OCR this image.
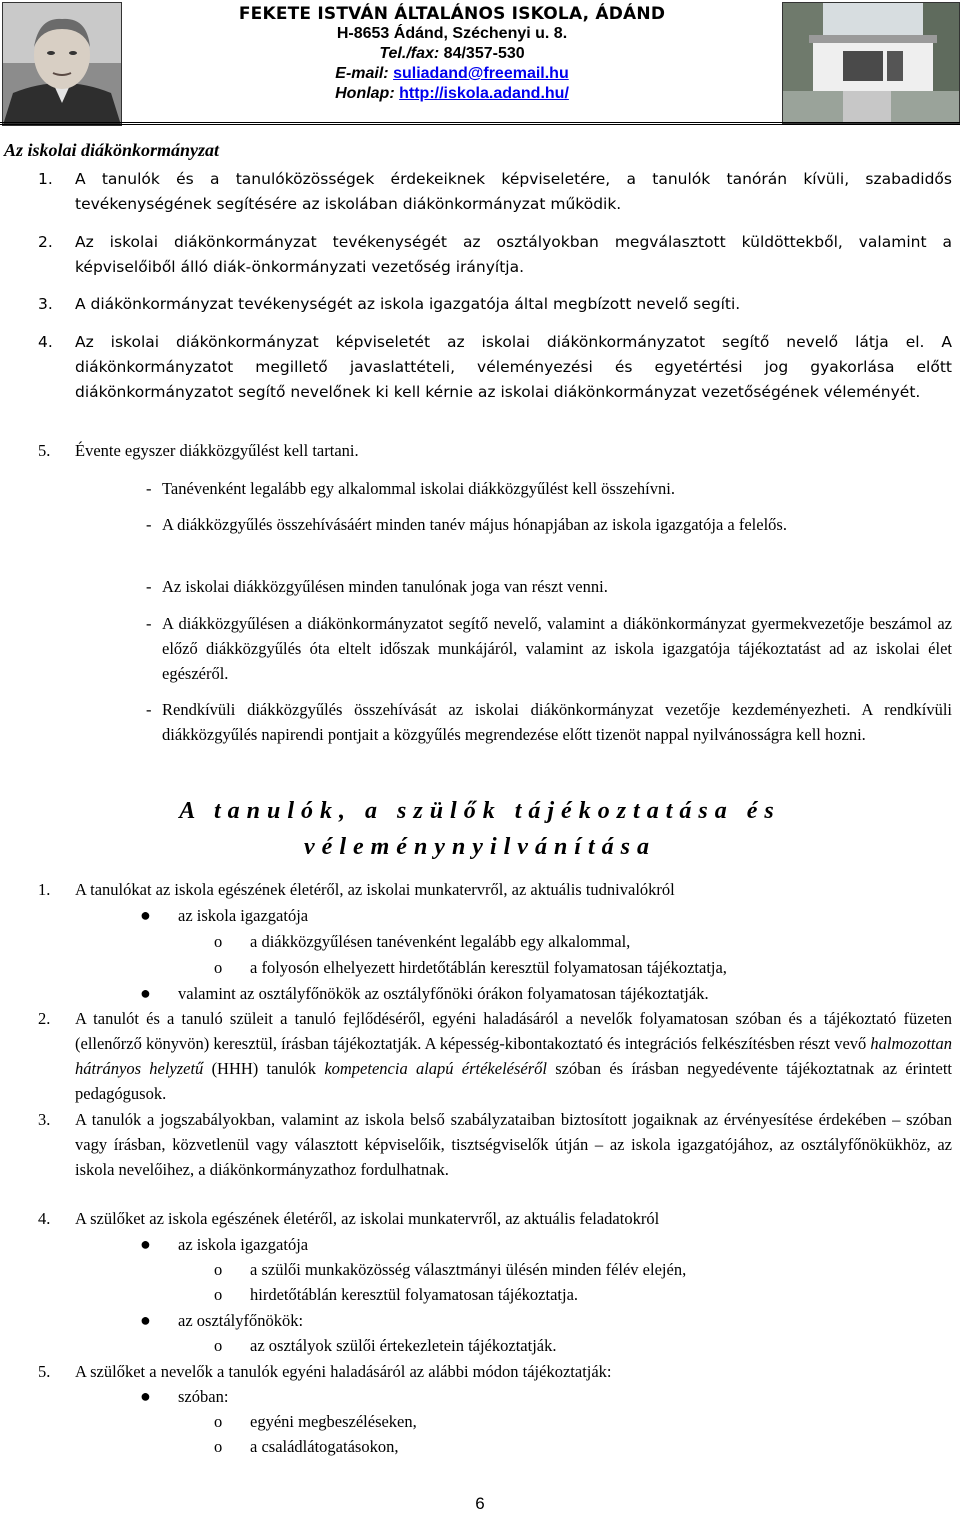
FEKETE ISTVÁN ÁLTALÁNOS ISKOLA, ÁDÁND
H-8653 Ádánd, Széchenyi u. 8.
Tel./fax: 84/357-530
E-mail: suliadand@freemail.hu
Honlap: http://iskola.adand.hu/
Az iskolai diákönkormányzat
1. A tanulók és a tanulóközösségek érdekeiknek képviseletére, a tanulók tanórán kívüli, szabadidős tevékenységének segítésére az iskolában diákönkormányzat működik.
2. Az iskolai diákönkormányzat tevékenységét az osztályokban megválasztott küldöttekből, valamint a képviselőiből álló diák-önkormányzati vezetőség irányítja.
3. A diákönkormányzat tevékenységét az iskola igazgatója által megbízott nevelő segíti.
4. Az iskolai diákönkormányzat képviseletét az iskolai diákönkormányzatot segítő nevelő látja el. A diákönkormányzatot megillető javaslattételi, véleményezési és egyetértési jog gyakorlása előtt diákönkormányzatot segítő nevelőnek ki kell kérnie az iskolai diákönkormányzat vezetőségének véleményét.
5. Évente egyszer diákközgyűlést kell tartani.
- Tanévenként legalább egy alkalommal iskolai diákközgyűlést kell összehívni.
- A diákközgyűlés összehívásáért minden tanév május hónapjában az iskola igazgatója a felelős.
- Az iskolai diákközgyűlésen minden tanulónak joga van részt venni.
- A diákközgyűlésen a diákönkormányzatot segítő nevelő, valamint a diákönkormányzat gyermekvezetője beszámol az előző diákközgyűlés óta eltelt időszak munkájáról, valamint az iskola igazgatója tájékoztatást ad az iskolai élet egészéről.
- Rendkívüli diákközgyűlés összehívását az iskolai diákönkormányzat vezetője kezdeményezheti. A rendkívüli diákközgyűlés napirendi pontjait a közgyűlés megrendezése előtt tizenöt nappal nyilvánosságra kell hozni.
A tanulók, a szülők tájékoztatása és
véleménynyilvánítása
1. A tanulókat az iskola egészének életéről, az iskolai munkatervről, az aktuális tudnivalókról
● az iskola igazgatója
o a diákközgyűlésen tanévenként legalább egy alkalommal,
o a folyosón elhelyezett hirdetőtáblán keresztül folyamatosan tájékoztatja,
● valamint az osztályfőnökök az osztályfőnöki órákon folyamatosan tájékoztatják.
2. A tanulót és a tanuló szüleit a tanuló fejlődéséről, egyéni haladásáról a nevelők folyamatosan szóban és a tájékoztató füzeten (ellenőrző könyvön) keresztül, írásban tájékoztatják. A képesség-kibontakoztató és integrációs felkészítésben részt vevő halmozottan hátrányos helyzetű (HHH) tanulók kompetencia alapú értékeléséről szóban és írásban negyedévente tájékoztatnak az érintett pedagógusok.
3. A tanulók a jogszabályokban, valamint az iskola belső szabályzataiban biztosított jogaiknak az érvényesítése érdekében – szóban vagy írásban, közvetlenül vagy választott képviselőik, tisztségviselők útján – az iskola igazgatójához, az osztályfőnökükhöz, az iskola nevelőihez, a diákönkormányzathoz fordulhatnak.
4. A szülőket az iskola egészének életéről, az iskolai munkatervről, az aktuális feladatokról
● az iskola igazgatója
o a szülői munkaközösség választmányi ülésén minden félév elején,
o hirdetőtáblán keresztül folyamatosan tájékoztatja.
● az osztályfőnökök:
o az osztályok szülői értekezletein tájékoztatják.
5. A szülőket a nevelők a tanulók egyéni haladásáról az alábbi módon tájékoztatják:
● szóban:
o egyéni megbeszéléseken,
o a családlátogatásokon,
6
